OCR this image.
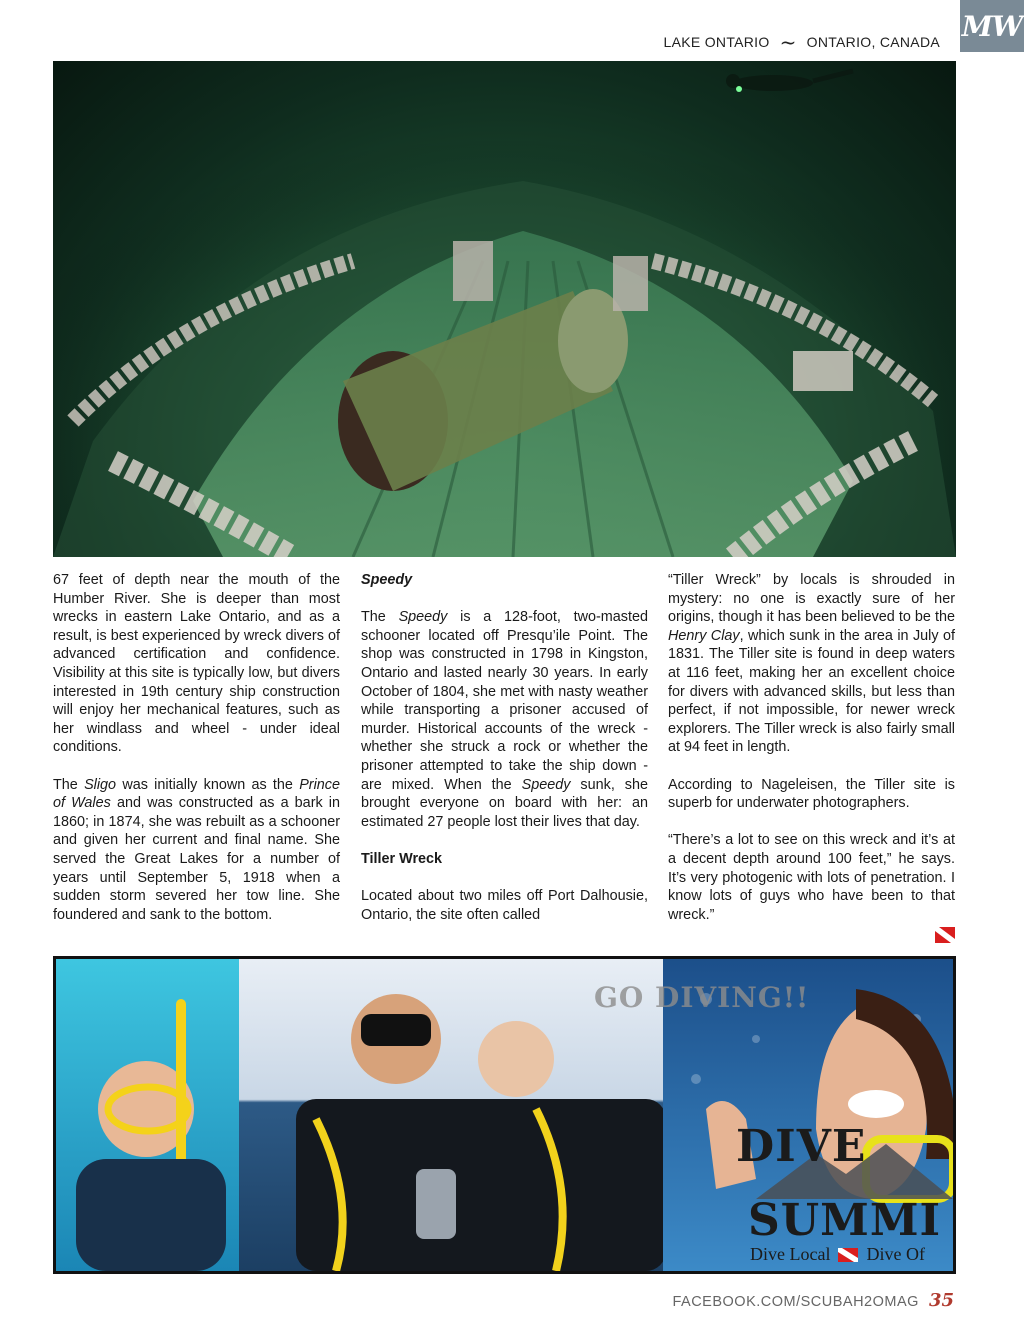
LAKE ONTARIO ~ ONTARIO, CANADA MW

67 feet of depth near the mouth of the Humber River. She is deeper than most wrecks in eastern Lake Ontario, and as a result, is best experienced by wreck divers of advanced certification and confidence. Visibility at this site is typically low, but divers interested in 19th century ship construction will enjoy her mechanical features, such as her windlass and wheel - under ideal conditions.

The Sligo was initially known as the Prince of Wales and was constructed as a bark in 1860; in 1874, she was rebuilt as a schooner and given her current and final name. She served the Great Lakes for a number of years until September 5, 1918 when a sudden storm severed her tow line. She foundered and sank to the bottom.

Speedy

The Speedy is a 128-foot, two-masted schooner located off Presqu’ile Point. The shop was constructed in 1798 in Kingston, Ontario and lasted nearly 30 years. In early October of 1804, she met with nasty weather while transporting a prisoner accused of murder. Historical accounts of the wreck - whether she struck a rock or whether the prisoner attempted to take the ship down - are mixed. When the Speedy sunk, she brought everyone on board with her: an estimated 27 people lost their lives that day.

Tiller Wreck

Located about two miles off Port Dalhousie, Ontario, the site often called

“Tiller Wreck” by locals is shrouded in mystery: no one is exactly sure of her origins, though it has been believed to be the Henry Clay, which sunk in the area in July of 1831. The Tiller site is found in deep waters at 116 feet, making her an excellent choice for divers with advanced skills, but less than perfect, if not impossible, for newer wreck explorers. The Tiller wreck is also fairly small at 94 feet in length.

According to Nageleisen, the Tiller site is superb for underwater photographers.

“There’s a lot to see on this wreck and it’s at a decent depth around 100 feet,” he says. It’s very photogenic with lots of penetration. I know lots of guys who have been to that wreck.”

GO DIVING!!
DIVE
SUMMI
Dive Local Dive Of
FACEBOOK.COM/SCUBAH2OMAG 35
